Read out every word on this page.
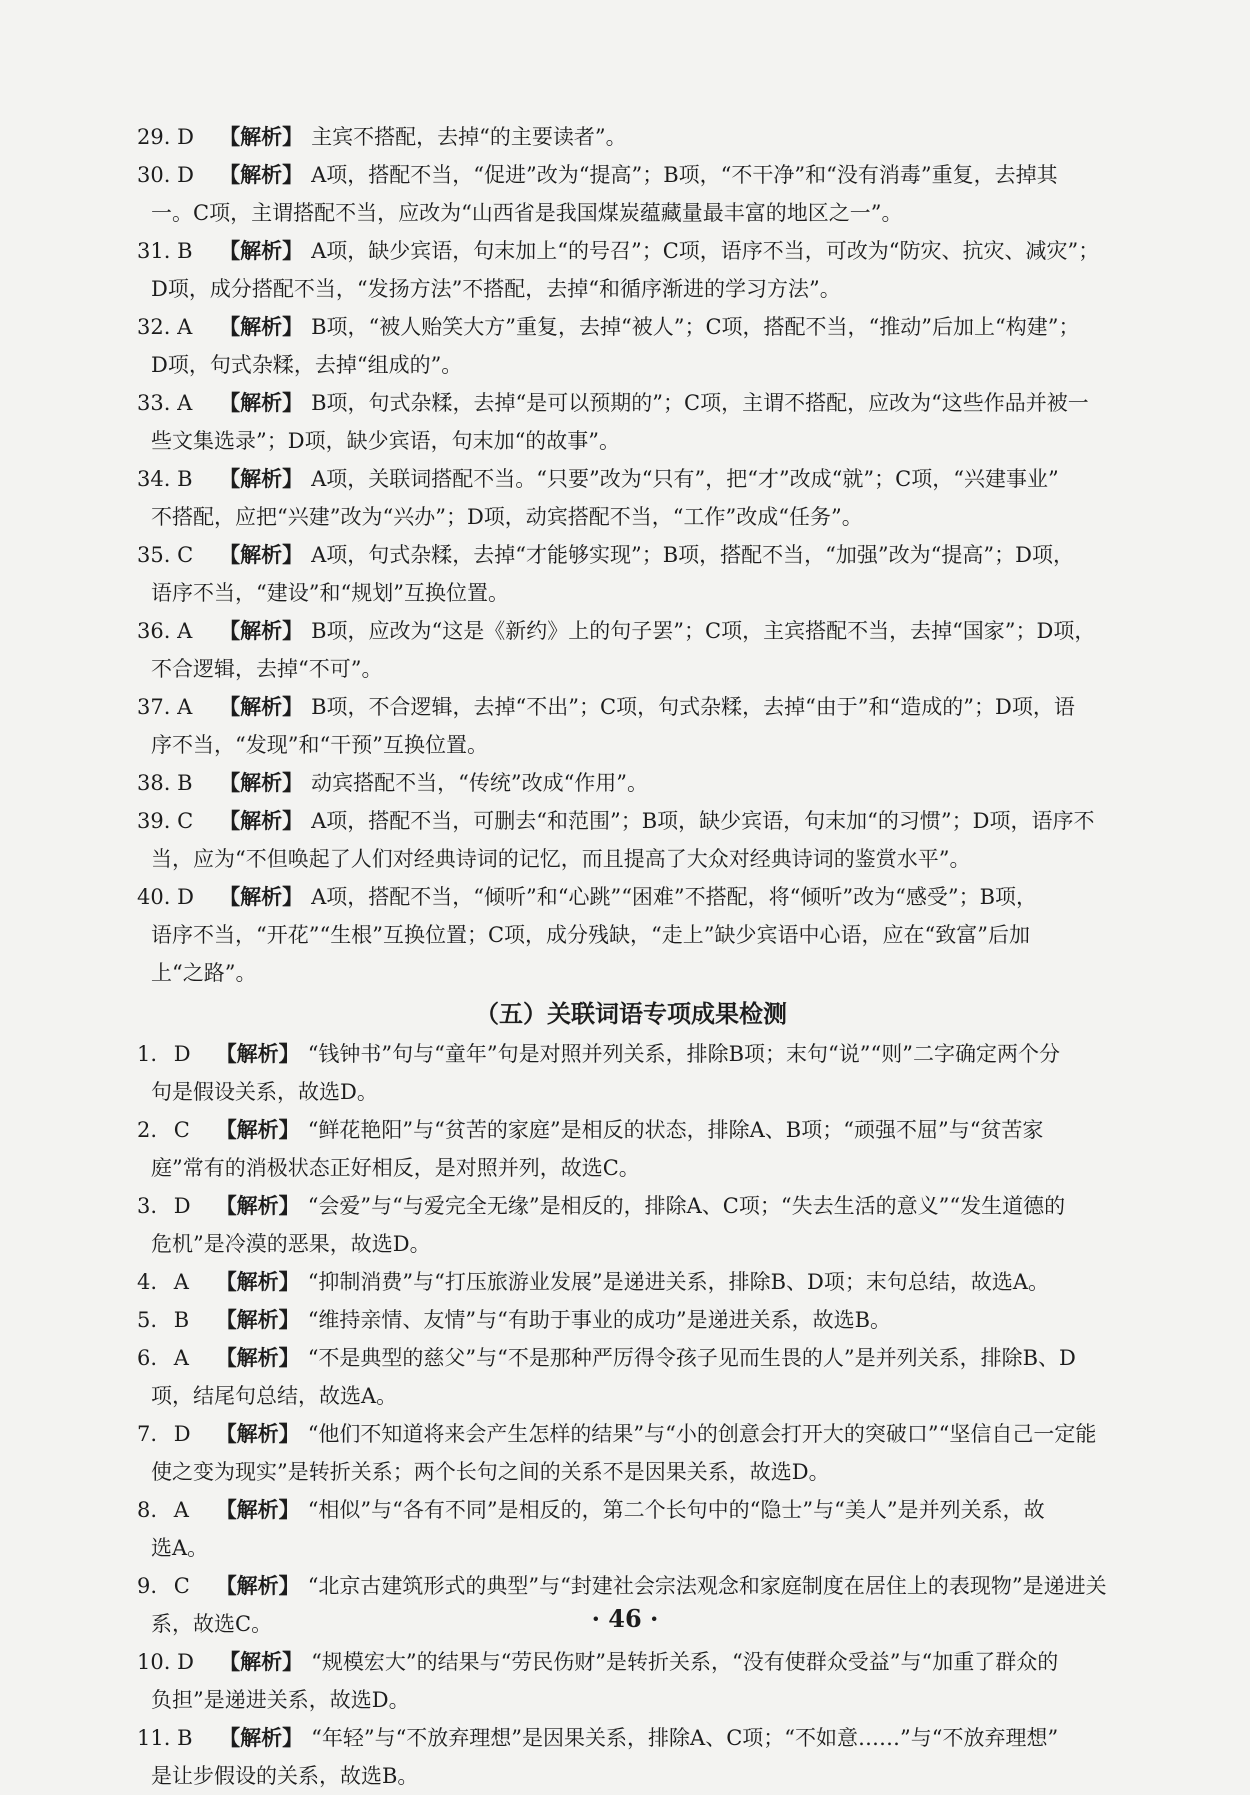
29. D 【解析】 主宾不搭配，去掉“的主要读者”。

30. D 【解析】 A项，搭配不当，“促进”改为“提高”；B项，“不干净”和“没有消毒”重复，去掉其
一。C项，主谓搭配不当，应改为“山西省是我国煤炭蕴藏量最丰富的地区之一”。

31. B 【解析】 A项，缺少宾语，句末加上“的号召”；C项，语序不当，可改为“防灾、抗灾、减灾”；
D项，成分搭配不当，“发扬方法”不搭配，去掉“和循序渐进的学习方法”。

32. A 【解析】 B项，“被人贻笑大方”重复，去掉“被人”；C项，搭配不当，“推动”后加上“构建”；
D项，句式杂糅，去掉“组成的”。

33. A 【解析】 B项，句式杂糅，去掉“是可以预期的”；C项，主谓不搭配，应改为“这些作品并被一
些文集选录”；D项，缺少宾语，句末加“的故事”。

34. B 【解析】 A项，关联词搭配不当。“只要”改为“只有”，把“才”改成“就”；C项，“兴建事业”
不搭配，应把“兴建”改为“兴办”；D项，动宾搭配不当，“工作”改成“任务”。

35. C 【解析】 A项，句式杂糅，去掉“才能够实现”；B项，搭配不当，“加强”改为“提高”；D项，
语序不当，“建设”和“规划”互换位置。

36. A 【解析】 B项，应改为“这是《新约》上的句子罢”；C项，主宾搭配不当，去掉“国家”；D项，
不合逻辑，去掉“不可”。

37. A 【解析】 B项，不合逻辑，去掉“不出”；C项，句式杂糅，去掉“由于”和“造成的”；D项，语
序不当，“发现”和“干预”互换位置。

38. B 【解析】 动宾搭配不当，“传统”改成“作用”。

39. C 【解析】 A项，搭配不当，可删去“和范围”；B项，缺少宾语，句末加“的习惯”；D项，语序不
当，应为“不但唤起了人们对经典诗词的记忆，而且提高了大众对经典诗词的鉴赏水平”。

40. D 【解析】 A项，搭配不当，“倾听”和“心跳”“困难”不搭配，将“倾听”改为“感受”；B项，
语序不当，“开花”“生根”互换位置；C项，成分残缺，“走上”缺少宾语中心语，应在“致富”后加
上“之路”。

（五）关联词语专项成果检测

1. D 【解析】 “钱钟书”句与“童年”句是对照并列关系，排除B项；末句“说”“则”二字确定两个分
句是假设关系，故选D。

2. C 【解析】 “鲜花艳阳”与“贫苦的家庭”是相反的状态，排除A、B项；“顽强不屈”与“贫苦家
庭”常有的消极状态正好相反，是对照并列，故选C。

3. D 【解析】 “会爱”与“与爱完全无缘”是相反的，排除A、C项；“失去生活的意义”“发生道德的
危机”是冷漠的恶果，故选D。

4. A 【解析】 “抑制消费”与“打压旅游业发展”是递进关系，排除B、D项；末句总结，故选A。

5. B 【解析】 “维持亲情、友情”与“有助于事业的成功”是递进关系，故选B。

6. A 【解析】 “不是典型的慈父”与“不是那种严厉得令孩子见而生畏的人”是并列关系，排除B、D
项，结尾句总结，故选A。

7. D 【解析】 “他们不知道将来会产生怎样的结果”与“小的创意会打开大的突破口”“坚信自己一定能
使之变为现实”是转折关系；两个长句之间的关系不是因果关系，故选D。

8. A 【解析】 “相似”与“各有不同”是相反的，第二个长句中的“隐士”与“美人”是并列关系，故
选A。

9. C 【解析】 “北京古建筑形式的典型”与“封建社会宗法观念和家庭制度在居住上的表现物”是递进关
系，故选C。

10. D 【解析】 “规模宏大”的结果与“劳民伤财”是转折关系，“没有使群众受益”与“加重了群众的
负担”是递进关系，故选D。

11. B 【解析】 “年轻”与“不放弃理想”是因果关系，排除A、C项；“不如意……”与“不放弃理想”
是让步假设的关系，故选B。

· 46 ·
